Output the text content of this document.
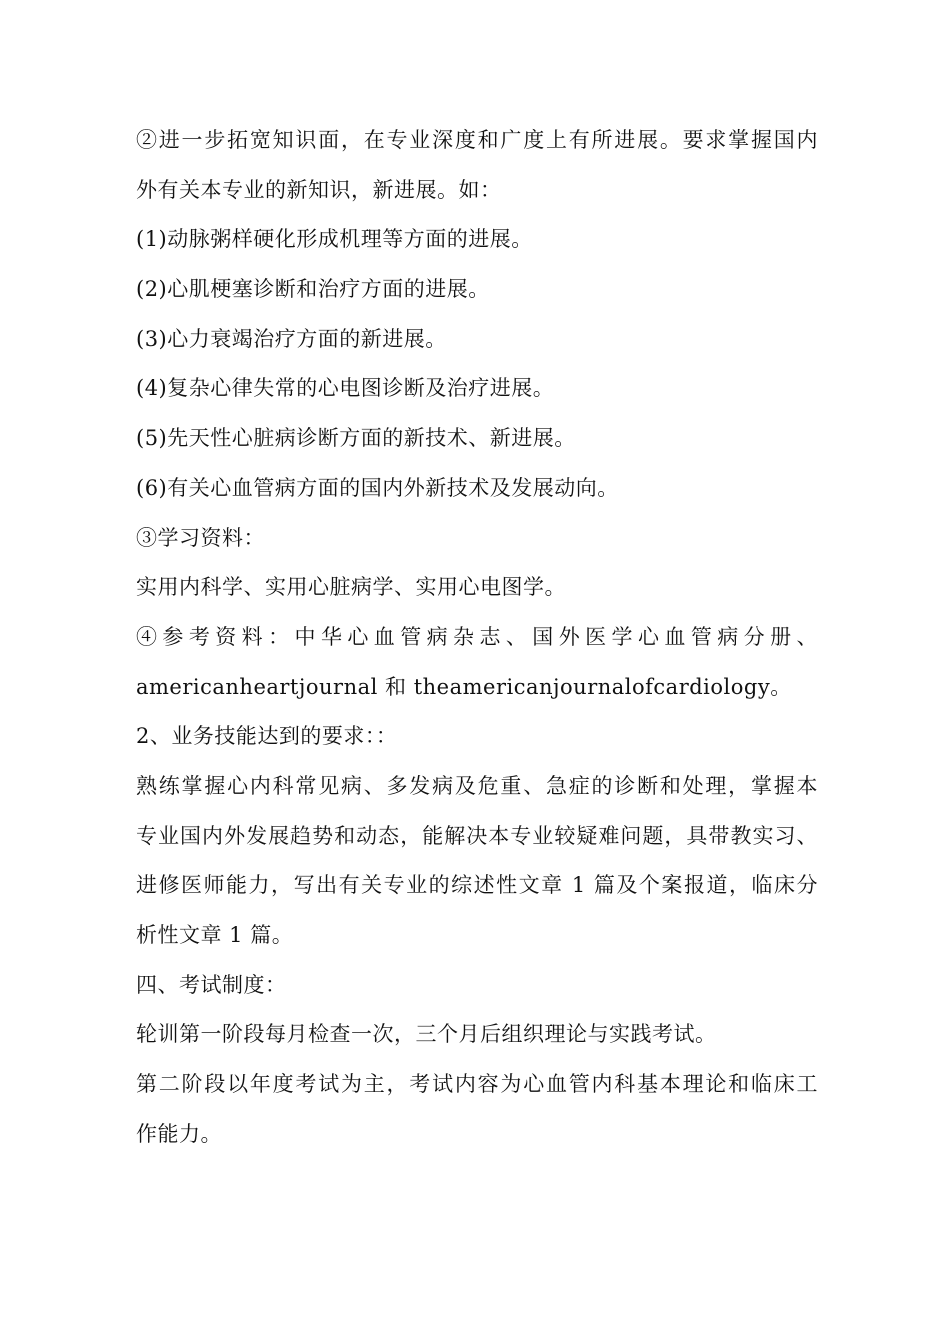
②进一步拓宽知识面，在专业深度和广度上有所进展。要求掌握国内
外有关本专业的新知识，新进展。如：
(1)动脉粥样硬化形成机理等方面的进展。
(2)心肌梗塞诊断和治疗方面的进展。
(3)心力衰竭治疗方面的新进展。
(4)复杂心律失常的心电图诊断及治疗进展。
(5)先天性心脏病诊断方面的新技术、新进展。
(6)有关心血管病方面的国内外新技术及发展动向。
③学习资料：
实用内科学、实用心脏病学、实用心电图学。
④参考资料：中华心血管病杂志、国外医学心血管病分册、
americanheartjournal 和 theamericanjournalofcardiology。
2、业务技能达到的要求：：
熟练掌握心内科常见病、多发病及危重、急症的诊断和处理，掌握本
专业国内外发展趋势和动态，能解决本专业较疑难问题，具带教实习、
进修医师能力，写出有关专业的综述性文章 1 篇及个案报道，临床分
析性文章 1 篇。
四、考试制度：
轮训第一阶段每月检查一次，三个月后组织理论与实践考试。
第二阶段以年度考试为主，考试内容为心血管内科基本理论和临床工
作能力。
